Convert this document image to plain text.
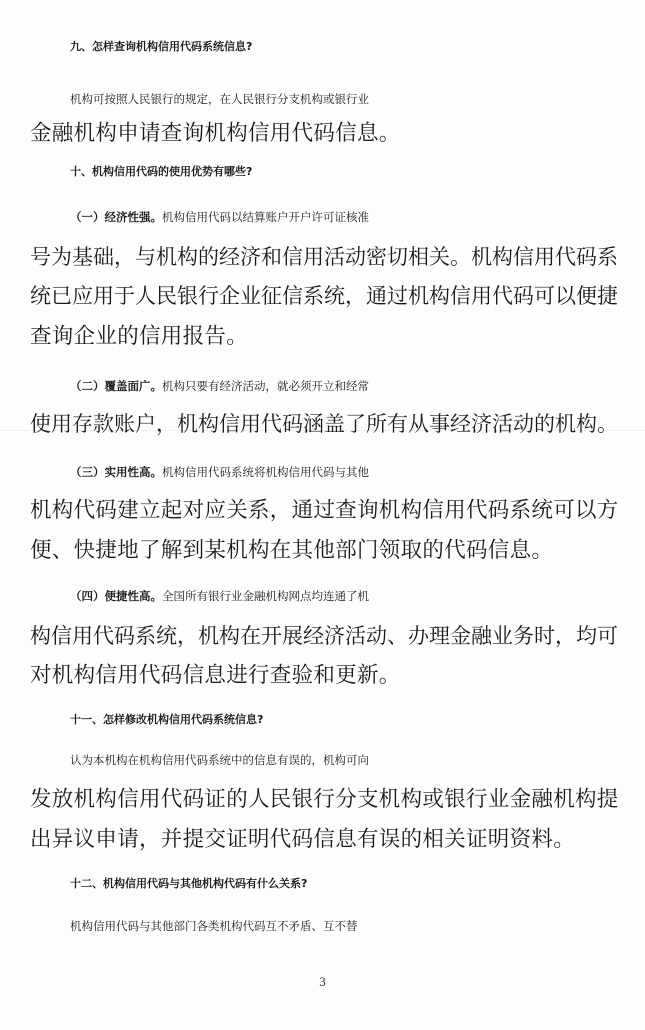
九、怎样查询机构信用代码系统信息?
机构可按照人民银行的规定，在人民银行分支机构或银行业
金融机构申请查询机构信用代码信息。
十、机构信用代码的使用优势有哪些?
（一）经济性强。机构信用代码以结算账户开户许可证核准
号为基础，与机构的经济和信用活动密切相关。机构信用代码系
统已应用于人民银行企业征信系统，通过机构信用代码可以便捷
查询企业的信用报告。
（二）覆盖面广。机构只要有经济活动，就必须开立和经常
使用存款账户，机构信用代码涵盖了所有从事经济活动的机构。
（三）实用性高。机构信用代码系统将机构信用代码与其他
机构代码建立起对应关系，通过查询机构信用代码系统可以方
便、快捷地了解到某机构在其他部门领取的代码信息。
（四）便捷性高。全国所有银行业金融机构网点均连通了机
构信用代码系统，机构在开展经济活动、办理金融业务时，均可
对机构信用代码信息进行查验和更新。
十一、怎样修改机构信用代码系统信息?
认为本机构在机构信用代码系统中的信息有误的，机构可向
发放机构信用代码证的人民银行分支机构或银行业金融机构提
出异议申请，并提交证明代码信息有误的相关证明资料。
十二、机构信用代码与其他机构代码有什么关系?
机构信用代码与其他部门各类机构代码互不矛盾、互不替
3
